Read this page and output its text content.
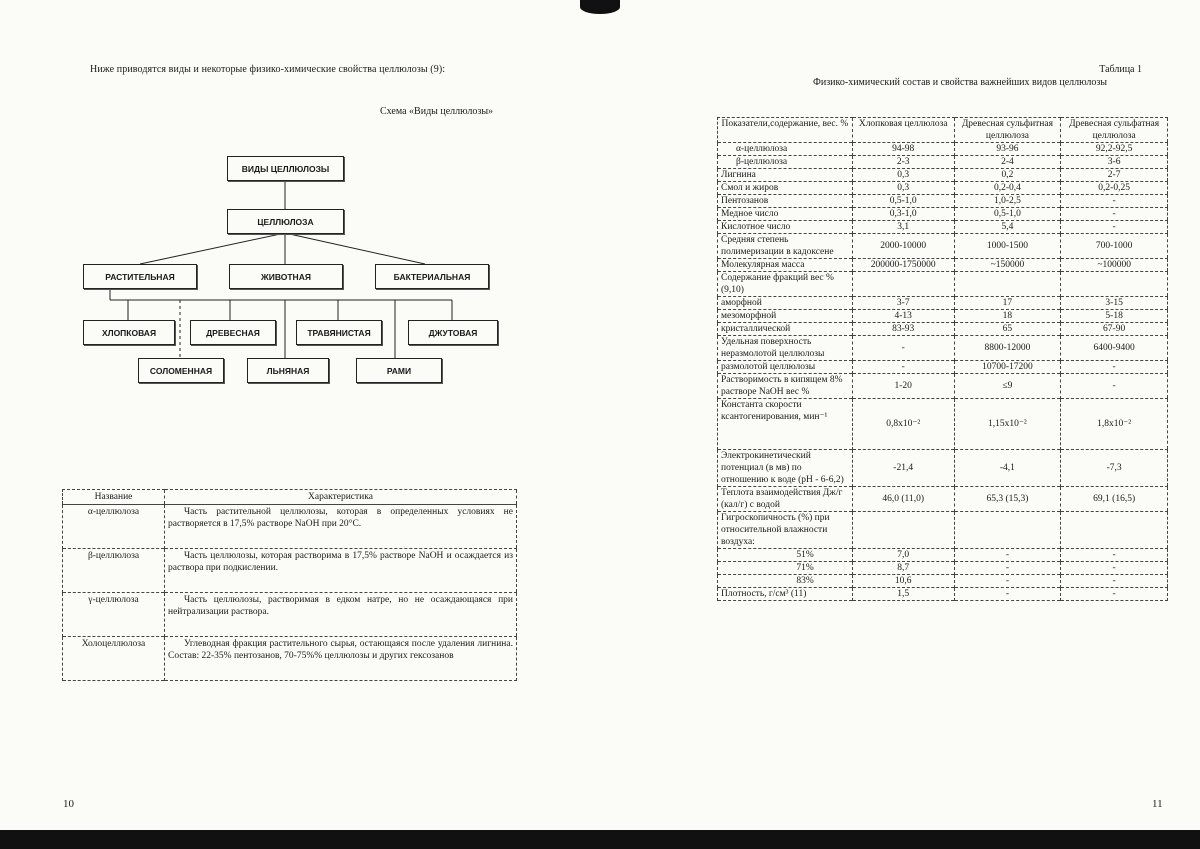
Ниже приводятся виды и некоторые физико-химические свойства целлюлозы (9):
Схема «Виды целлюлозы»
ВИДЫ ЦЕЛЛЮЛОЗЫ
ЦЕЛЛЮЛОЗА
РАСТИТЕЛЬНАЯ	ЖИВОТНАЯ	БАКТЕРИАЛЬНАЯ
ХЛОПКОВАЯ	ДРЕВЕСНАЯ	ТРАВЯНИСТАЯ	ДЖУТОВАЯ
СОЛОМЕННАЯ	ЛЬНЯНАЯ	РАМИ
Название	Характеристика
α-целлюлоза	Часть растительной целлюлозы, которая в определенных условиях не растворяется в 17,5% растворе NaOH при 20°С.
β-целлюлоза	Часть целлюлозы, которая растворима в 17,5% растворе NaOH и осаждается из раствора при подкислении.
γ-целлюлоза	Часть целлюлозы, растворимая в едком натре, но не осаждающаяся при нейтрализации раствора.
Холоцеллюлоза	Углеводная фракция растительного сырья, остающаяся после удаления лигнина. Состав: 22-35% пентозанов, 70-75%% целлюлозы и других гексозанов
10
Таблица 1
Физико-химический состав и свойства важнейших видов целлюлозы
Показатели,содержание, вес. %	Хлопковая целлюлоза	Древесная сульфитная целлюлоза	Древесная сульфатная целлюлоза
α-целлюлоза	94-98	93-96	92,2-92,5
β-целлюлоза	2-3	2-4	3-6
Лигнина	0,3	0,2	2-7
Смол и жиров	0,3	0,2-0,4	0,2-0,25
Пентозанов	0,5-1,0	1,0-2,5	-
Медное число	0,3-1,0	0,5-1,0	-
Кислотное число	3,1	5,4	-
Средняя степень полимеризации в кадоксене	2000-10000	1000-1500	700-1000
Молекулярная масса	200000-1750000	~150000	~100000
Содержание фракций вес % (9,10)			
аморфной	3-7	17	3-15
мезоморфной	4-13	18	5-18
кристаллической	83-93	65	67-90
Удельная поверхность неразмолотой целлюлозы	-	8800-12000	6400-9400
размолотой целлюлозы	-	10700-17200	-
Растворимость в кипящем 8% растворе NaOH вес %	1-20	≤9	-
Константа скорости ксантогенирования, мин⁻¹	0,8x10⁻²	1,15x10⁻²	1,8x10⁻²
Электрокинетический потенциал (в мв) по отношению к воде (pH - 6-6,2)	-21,4	-4,1	-7,3
Теплота взаимодействия Дж/г (кал/г) с водой	46,0 (11,0)	65,3 (15,3)	69,1 (16,5)
Гигроскопичность (%) при относительной влажности воздуха:			
51%	7,0	-	-
71%	8,7	-	-
83%	10,6	-	-
Плотность, г/см³ (11)	1,5	-	-
11
